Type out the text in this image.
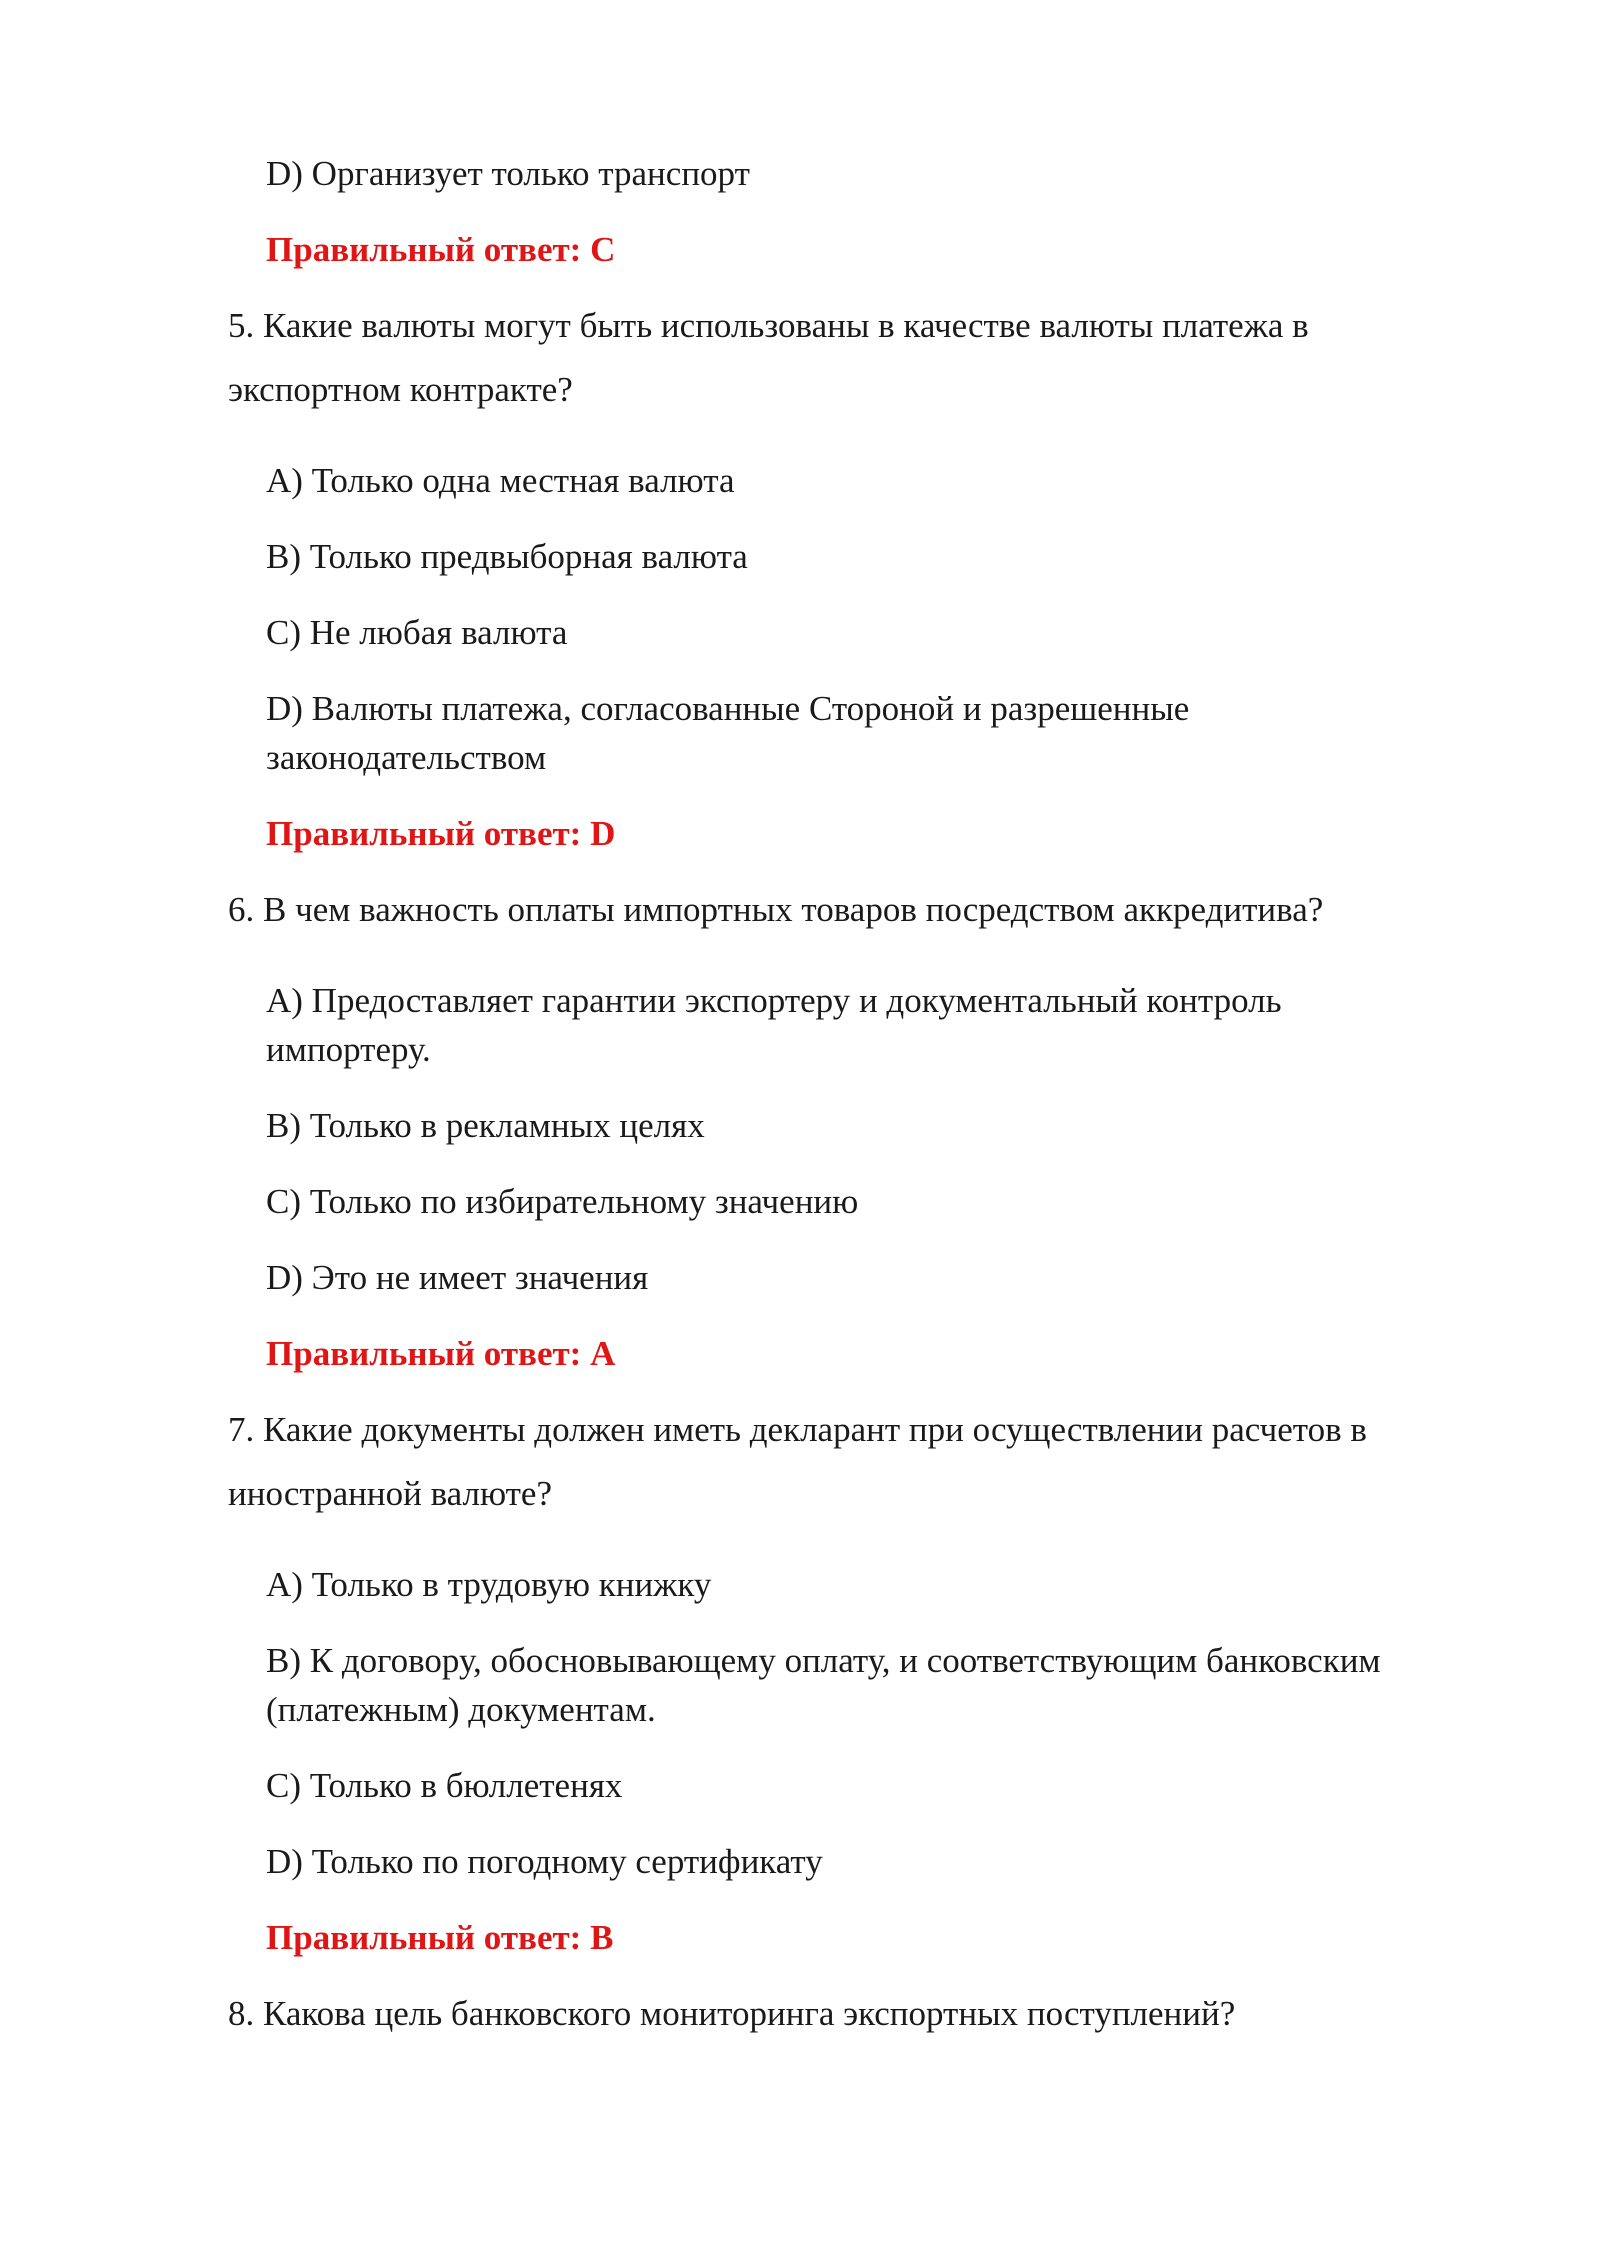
D) Организует только транспорт
Правильный ответ: C
5. Какие валюты могут быть использованы в качестве валюты платежа в
экспортном контракте?
A) Только одна местная валюта
B) Только предвыборная валюта
C) Не любая валюта
D) Валюты платежа, согласованные Стороной и разрешенные
законодательством
Правильный ответ: D
6. В чем важность оплаты импортных товаров посредством аккредитива?
A) Предоставляет гарантии экспортеру и документальный контроль
импортеру.
B) Только в рекламных целях
C) Только по избирательному значению
D) Это не имеет значения
Правильный ответ: A
7. Какие документы должен иметь декларант при осуществлении расчетов в
иностранной валюте?
A) Только в трудовую книжку
B) К договору, обосновывающему оплату, и соответствующим банковским
(платежным) документам.
C) Только в бюллетенях
D) Только по погодному сертификату
Правильный ответ: B
8. Какова цель банковского мониторинга экспортных поступлений?
